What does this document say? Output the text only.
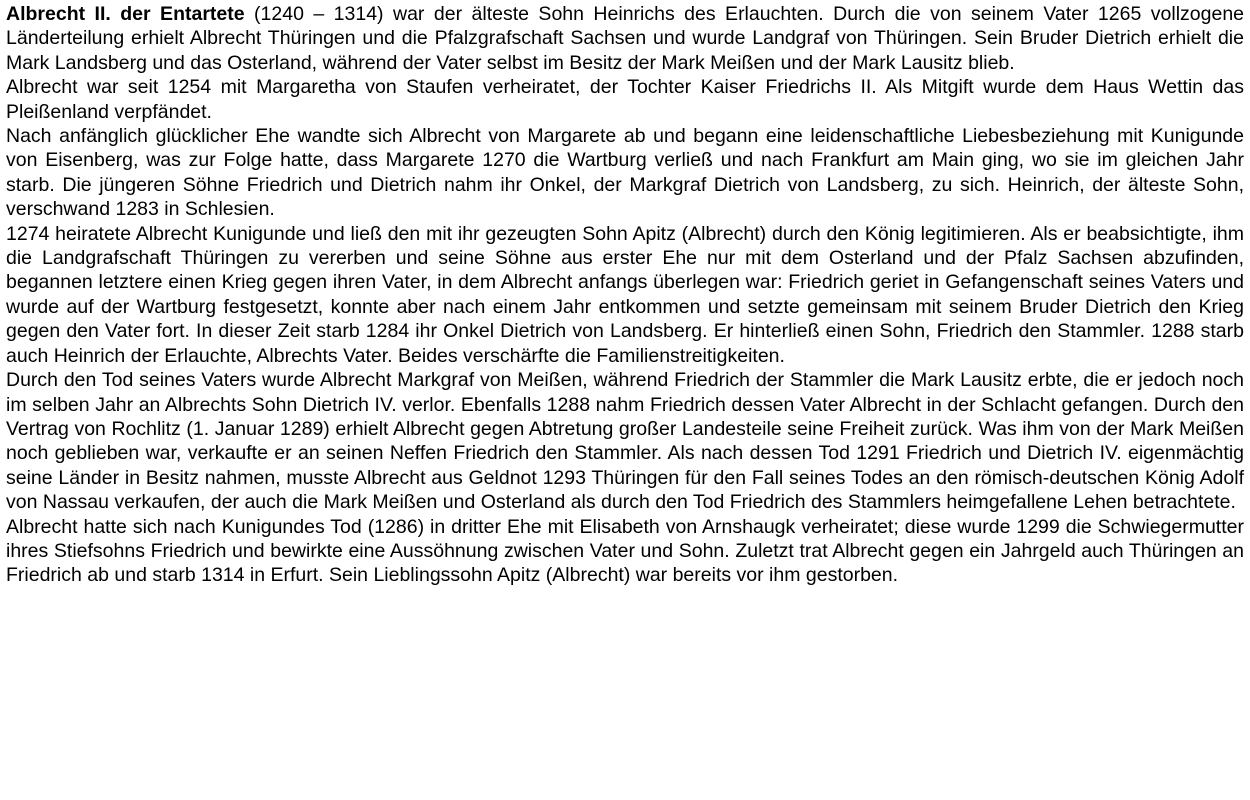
Albrecht II. der Entartete (1240 – 1314) war der älteste Sohn Heinrichs des Erlauchten. Durch die von seinem Vater 1265 vollzogene Länderteilung erhielt Albrecht Thüringen und die Pfalzgrafschaft Sachsen und wurde Landgraf von Thüringen. Sein Bruder Dietrich erhielt die Mark Landsberg und das Osterland, während der Vater selbst im Besitz der Mark Meißen und der Mark Lausitz blieb.

Albrecht war seit 1254 mit Margaretha von Staufen verheiratet, der Tochter Kaiser Friedrichs II. Als Mitgift wurde dem Haus Wettin das Pleißenland verpfändet.

Nach anfänglich glücklicher Ehe wandte sich Albrecht von Margarete ab und begann eine leidenschaftliche Liebesbeziehung mit Kunigunde von Eisenberg, was zur Folge hatte, dass Margarete 1270 die Wartburg verließ und nach Frankfurt am Main ging, wo sie im gleichen Jahr starb. Die jüngeren Söhne Friedrich und Dietrich nahm ihr Onkel, der Markgraf Dietrich von Landsberg, zu sich. Heinrich, der älteste Sohn, verschwand 1283 in Schlesien.

1274 heiratete Albrecht Kunigunde und ließ den mit ihr gezeugten Sohn Apitz (Albrecht) durch den König legitimieren. Als er beabsichtigte, ihm die Landgrafschaft Thüringen zu vererben und seine Söhne aus erster Ehe nur mit dem Osterland und der Pfalz Sachsen abzufinden, begannen letztere einen Krieg gegen ihren Vater, in dem Albrecht anfangs überlegen war: Friedrich geriet in Gefangenschaft seines Vaters und wurde auf der Wartburg festgesetzt, konnte aber nach einem Jahr entkommen und setzte gemeinsam mit seinem Bruder Dietrich den Krieg gegen den Vater fort. In dieser Zeit starb 1284 ihr Onkel Dietrich von Landsberg. Er hinterließ einen Sohn, Friedrich den Stammler. 1288 starb auch Heinrich der Erlauchte, Albrechts Vater. Beides verschärfte die Familienstreitigkeiten.

Durch den Tod seines Vaters wurde Albrecht Markgraf von Meißen, während Friedrich der Stammler die Mark Lausitz erbte, die er jedoch noch im selben Jahr an Albrechts Sohn Dietrich IV. verlor. Ebenfalls 1288 nahm Friedrich dessen Vater Albrecht in der Schlacht gefangen. Durch den Vertrag von Rochlitz (1. Januar 1289) erhielt Albrecht gegen Abtretung großer Landesteile seine Freiheit zurück. Was ihm von der Mark Meißen noch geblieben war, verkaufte er an seinen Neffen Friedrich den Stammler. Als nach dessen Tod 1291 Friedrich und Dietrich IV. eigenmächtig seine Länder in Besitz nahmen, musste Albrecht aus Geldnot 1293 Thüringen für den Fall seines Todes an den römisch-deutschen König Adolf von Nassau verkaufen, der auch die Mark Meißen und Osterland als durch den Tod Friedrich des Stammlers heimgefallene Lehen betrachtete.

Albrecht hatte sich nach Kunigundes Tod (1286) in dritter Ehe mit Elisabeth von Arnshaugk verheiratet; diese wurde 1299 die Schwiegermutter ihres Stiefsohns Friedrich und bewirkte eine Aussöhnung zwischen Vater und Sohn. Zuletzt trat Albrecht gegen ein Jahrgeld auch Thüringen an Friedrich ab und starb 1314 in Erfurt. Sein Lieblingssohn Apitz (Albrecht) war bereits vor ihm gestorben.
